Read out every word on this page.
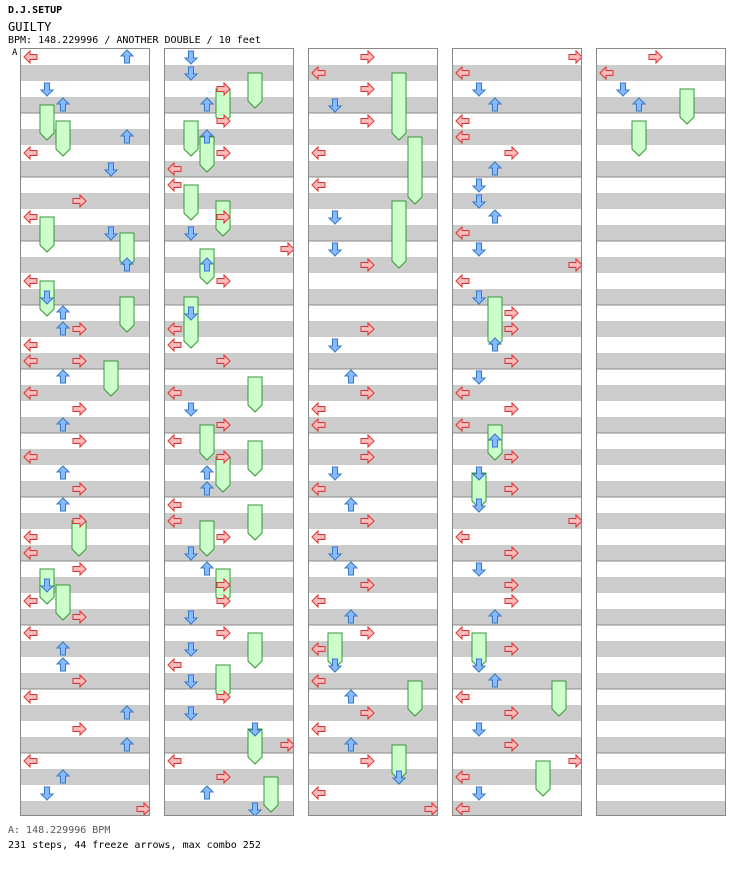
D.J.SETUP
GUILTY
BPM: 148.229996 / ANOTHER DOUBLE / 10 feet
A
A: 148.229996 BPM
231 steps, 44 freeze arrows, max combo 252
